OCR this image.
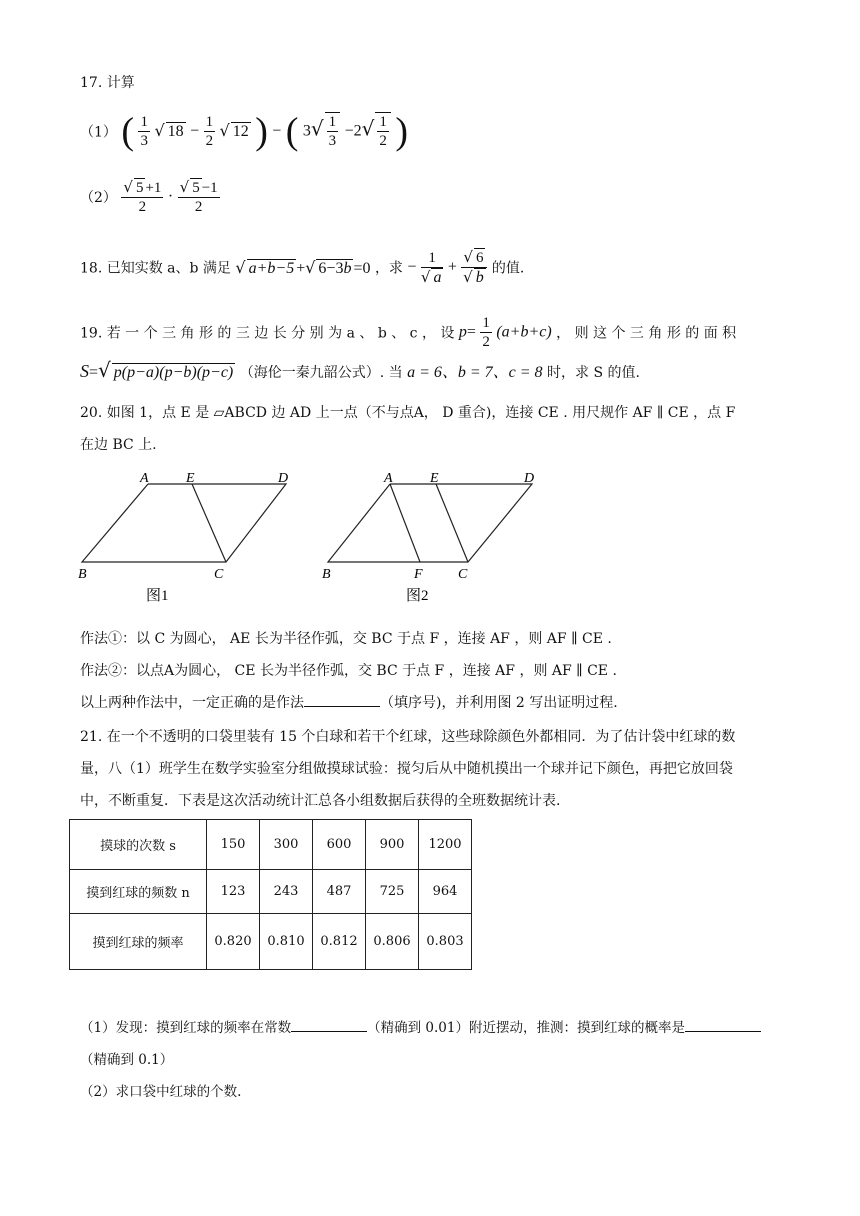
17. 计算
（1） ( $\frac{1}{3}$ √ $18 - \frac{1}{2}$ √ 12 ) − ( $3√ \frac{1}{3} -2√ \frac{1}{2}$ )
$(2) \frac{√ 5 +1}{2} \cdot \frac{√ 5 -1}{2}$
18. 已知实数 a、b 满足 √ a+b−5 +√ 6−3b =0 ，求 − $\frac{1}{√ a} + \frac{√ 6}{√ b}$ 的值.
19. 若 一 个 三 角 形 的 三 边 长 分 别 为 a 、 b 、 c ， 设 $p= \frac{1}{2} (a+b+c)$ ， 则 这 个 三 角 形 的 面 积
S=√ p(p−a)(p−b)(p−c) （海伦一秦九韶公式）. 当 a = 6、b = 7、c = 8 时，求 S 的值.
20. 如图 1，点 E 是 ▱ABCD 边 AD 上一点（不与点A， D 重合)，连接 CE . 用尺规作 AF ∥ CE ，点 F
在边 BC 上.
A	E	D
B	C
图1
A	E	D
B	F	C
图2
作法①：以 C 为圆心， AE 长为半径作弧，交 BC 于点 F ，连接 AF ，则 AF ∥ CE .
作法②：以点A为圆心， CE 长为半径作弧，交 BC 于点 F ，连接 AF ，则 AF ∥ CE .
以上两种作法中，一定正确的是作法	（填序号)，并利用图 2 写出证明过程.
21. 在一个不透明的口袋里装有 15 个白球和若干个红球，这些球除颜色外都相同．为了估计袋中红球的数
量，八（1）班学生在数学实验室分组做摸球试验：搅匀后从中随机摸出一个球并记下颜色，再把它放回袋
中，不断重复．下表是这次活动统计汇总各小组数据后获得的全班数据统计表.
摸球的次数 s	150	300	600	900	1200
摸到红球的频数 n	123	243	487	725	964
摸到红球的频率	0.820	0.810	0.812	0.806	0.803
（1）发现：摸到红球的频率在常数	（精确到 0.01）附近摆动，推测：摸到红球的概率是
（精确到 0.1）
（2）求口袋中红球的个数.
